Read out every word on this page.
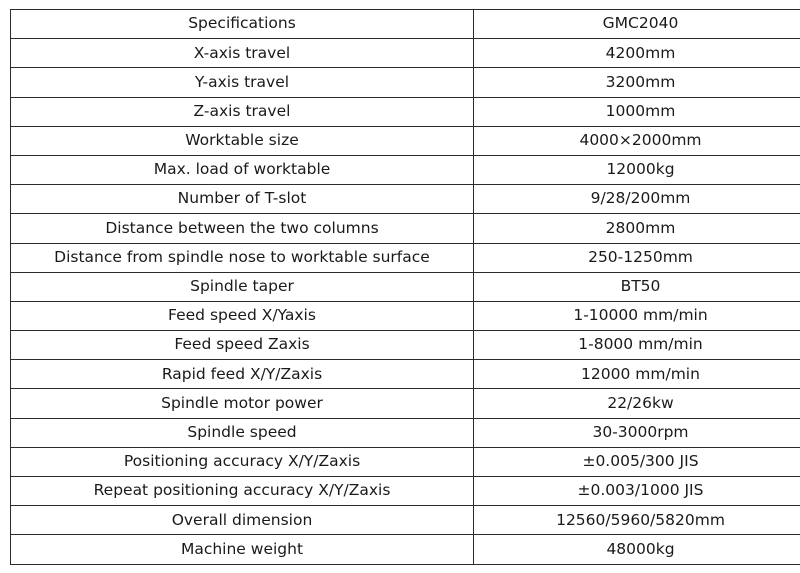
Specifications	GMC2040
X-axis travel	4200mm
Y-axis travel	3200mm
Z-axis travel	1000mm
Worktable size	4000×2000mm
Max. load of worktable	12000kg
Number of T-slot	9/28/200mm
Distance between the two columns	2800mm
Distance from spindle nose to worktable surface	250-1250mm
Spindle taper	BT50
Feed speed X/Yaxis	1-10000 mm/min
Feed speed Zaxis	1-8000 mm/min
Rapid feed X/Y/Zaxis	12000 mm/min
Spindle motor power	22/26kw
Spindle speed	30-3000rpm
Positioning accuracy X/Y/Zaxis	±0.005/300 JIS
Repeat positioning accuracy X/Y/Zaxis	±0.003/1000 JIS
Overall dimension	12560/5960/5820mm
Machine weight	48000kg
